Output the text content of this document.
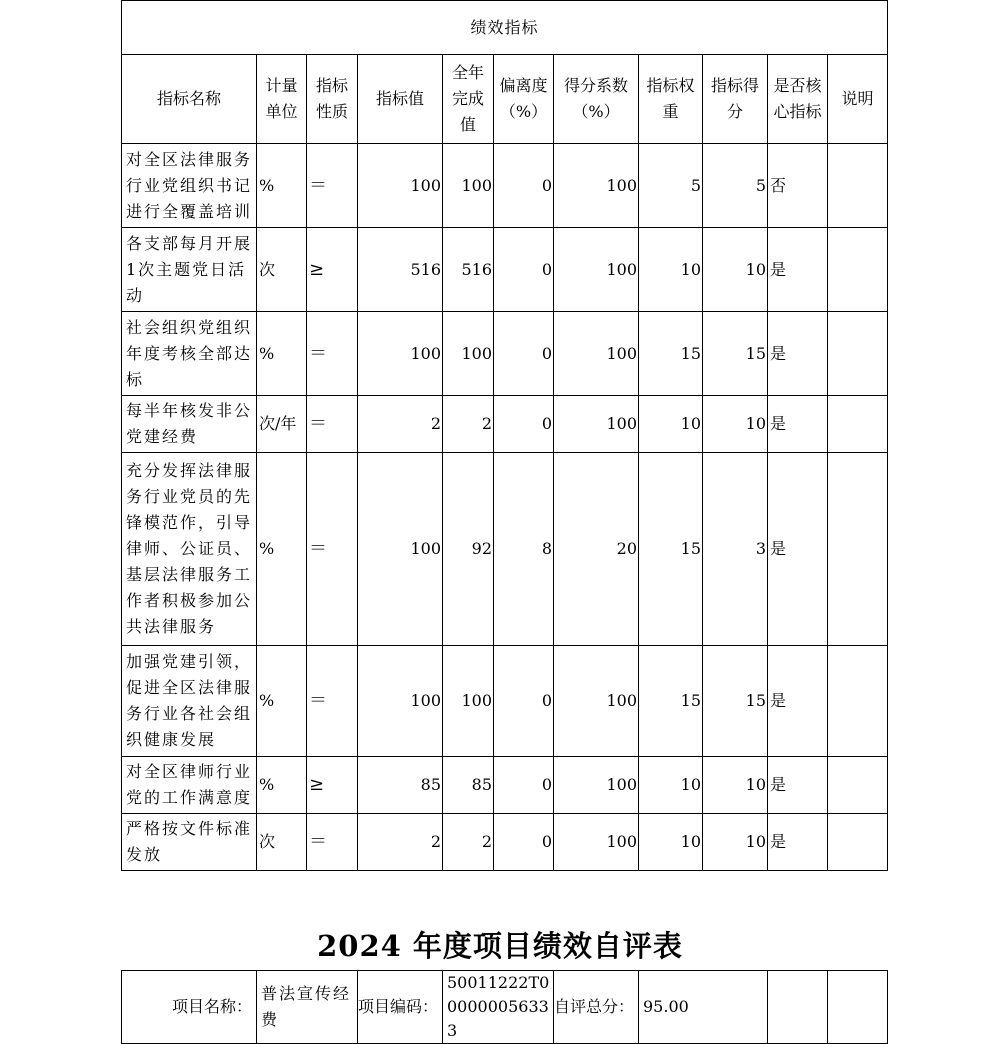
绩效指标										
指标名称	计量单位	指标性质	指标值	全年完成值	偏离度（%）	得分系数（%）	指标权重	指标得分	是否核心指标	说明
对全区法律服务行业党组织书记进行全覆盖培训	%	＝	100	100	0	100	5	5	否	
各支部每月开展1次主题党日活动	次	≥	516	516	0	100	10	10	是	
社会组织党组织年度考核全部达标	%	＝	100	100	0	100	15	15	是	
每半年核发非公党建经费	次/年	＝	2	2	0	100	10	10	是	
充分发挥法律服务行业党员的先锋模范作，引导律师、公证员、基层法律服务工作者积极参加公共法律服务	%	＝	100	92	8	20	15	3	是	
加强党建引领，促进全区法律服务行业各社会组织健康发展	%	＝	100	100	0	100	15	15	是	
对全区律师行业党的工作满意度	%	≥	85	85	0	100	10	10	是	
严格按文件标准发放	次	＝	2	2	0	100	10	10	是	
2024 年度项目绩效自评表
项目名称：	普法宣传经费	项目编码：	50011222T000000056333	自评总分：	95.00		
